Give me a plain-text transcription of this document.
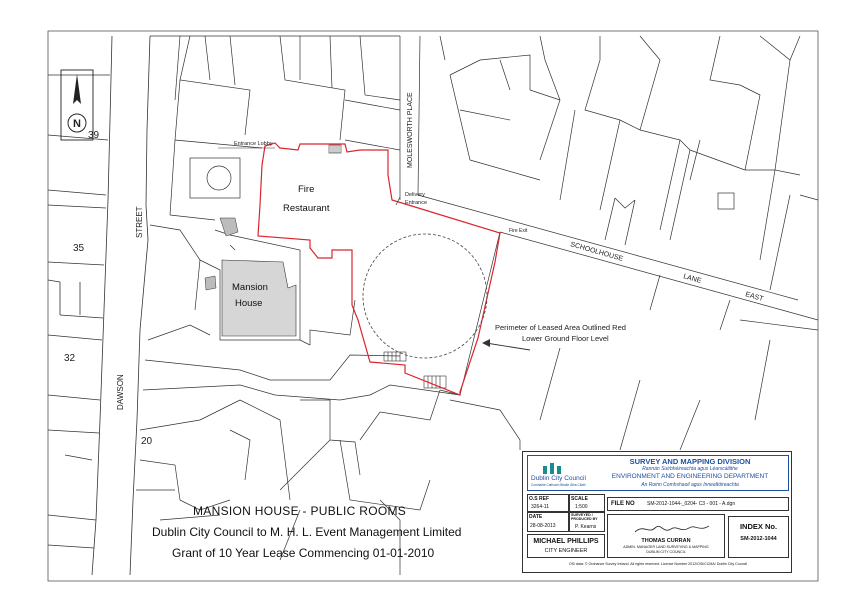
N
39	MOLESWORTH PLACE
Entrance Lobby
Fire
Restaurant
Delivery
Entrance
Fire Exit
SCHOOLHOUSE
LANE
EAST
STREET
DAWSON
Mansion
House
35
32
20
Perimeter of Leased Area Outlined Red
Lower Ground Floor Level
MANSION HOUSE - PUBLIC ROOMS
Dublin City Council to M. H. L. Event Management Limited
Grant of 10 Year Lease Commencing 01-01-2010
Dublin City Council
Comhairle Cathrach Bhaile Átha Cliath
SURVEY AND MAPPING DIVISION
Rannán Suirbhéireachta agus Léarscáilithe
ENVIRONMENT AND ENGINEERING DEPARTMENT
An Roinn Comhshaoil agus Innealtóireachta
O.S REF
3264-11
SCALE
1:500
DATE
28-08-2013
SURVEYED / PRODUCED BY
P. Kearns
FILE NO SM-2012-1044-_0204- C3 - 001 - A.dgn
MICHAEL PHILLIPS
CITY ENGINEER
THOMAS CURRAN
ADMIN. MANAGER LAND SURVEYING & MAPPING
DUBLIN CITY COUNCIL
INDEX No.
SM-2012-1044
OSi data: © Ordnance Survey Ireland. All rights reserved. Licence Number 2012/OSi/CCMA/ Dublin City Council
